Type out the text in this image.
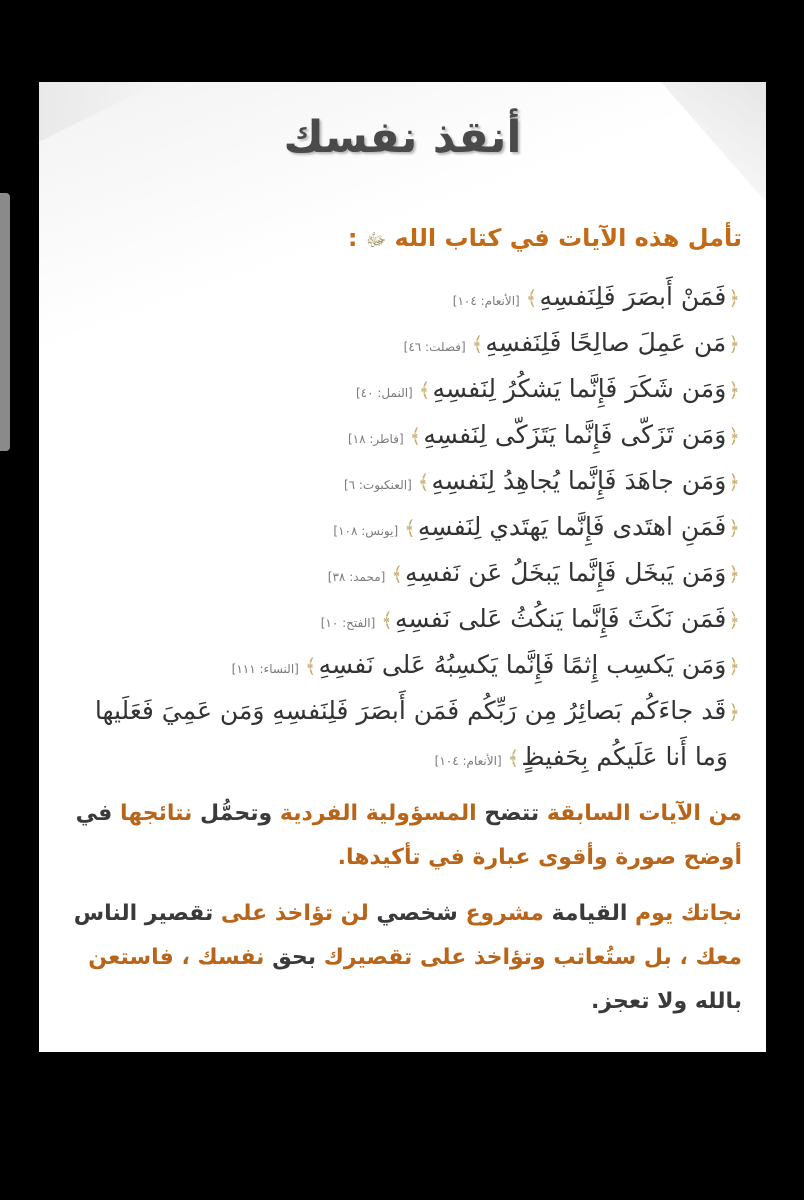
أنقذ نفسك
تأمل هذه الآيات في كتاب الله ﷻ :
﴿فَمَنْ أَبصَرَ فَلِنَفسِهِ﴾[الأنعام: ١٠٤]
﴿مَن عَمِلَ صالِحًا فَلِنَفسِهِ﴾[فصلت: ٤٦]
﴿وَمَن شَكَرَ فَإِنَّما يَشكُرُ لِنَفسِهِ﴾[النمل: ٤٠]
﴿وَمَن تَزَكّى فَإِنَّما يَتَزَكّى لِنَفسِهِ﴾[فاطر: ١٨]
﴿وَمَن جاهَدَ فَإِنَّما يُجاهِدُ لِنَفسِهِ﴾[العنكبوت: ٦]
﴿فَمَنِ اهتَدى فَإِنَّما يَهتَدي لِنَفسِهِ﴾[يونس: ١٠٨]
﴿وَمَن يَبخَل فَإِنَّما يَبخَلُ عَن نَفسِهِ﴾[محمد: ٣٨]
﴿فَمَن نَكَثَ فَإِنَّما يَنكُثُ عَلى نَفسِهِ﴾[الفتح: ١٠]
﴿وَمَن يَكسِب إِثمًا فَإِنَّما يَكسِبُهُ عَلى نَفسِهِ﴾[النساء: ١١١]
﴿قَد جاءَكُم بَصائِرُ مِن رَبِّكُم فَمَن أَبصَرَ فَلِنَفسِهِ وَمَن عَمِيَ فَعَلَيها
وَما أَنا عَلَيكُم بِحَفيظٍ﴾[الأنعام: ١٠٤]
من الآيات السابقة تتضح المسؤولية الفردية وتحمُّل نتائجها في
أوضح صورة وأقوى عبارة في تأكيدها.
نجاتك يوم القيامة مشروع شخصي لن تؤاخذ على تقصير الناس
معك ، بل ستُعاتب وتؤاخذ على تقصيرك بحق نفسك ، فاستعن
بالله ولا تعجز.
